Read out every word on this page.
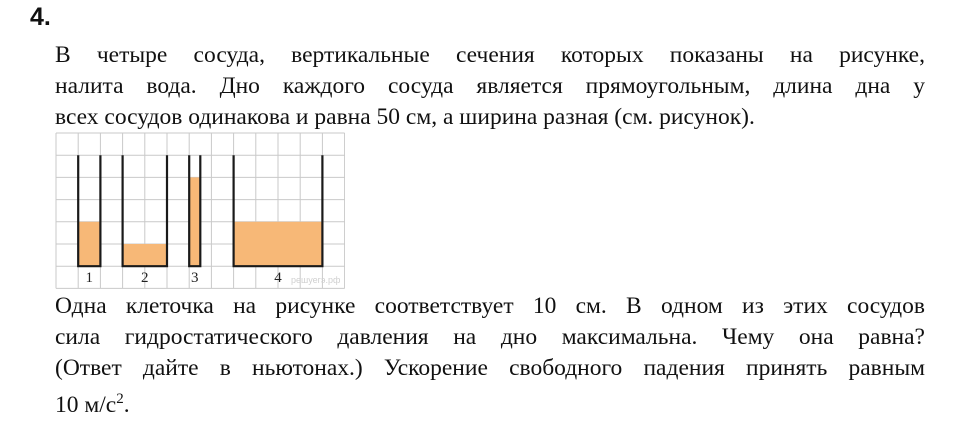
4.
В четыре сосуда, вертикальные сечения которых показаны на рисунке,
налита вода. Дно каждого сосуда является прямоугольным, длина дна у
всех сосудов одинакова и равна 50 см, а ширина разная (см. рисунок).
1	2	3	4 решуегэ.рф
Одна клеточка на рисунке соответствует 10 см. В одном из этих сосудов
сила гидростатического давления на дно максимальна. Чему она равна?
(Ответ дайте в ньютонах.) Ускорение свободного падения принять равным
10 $м/с^2$.
